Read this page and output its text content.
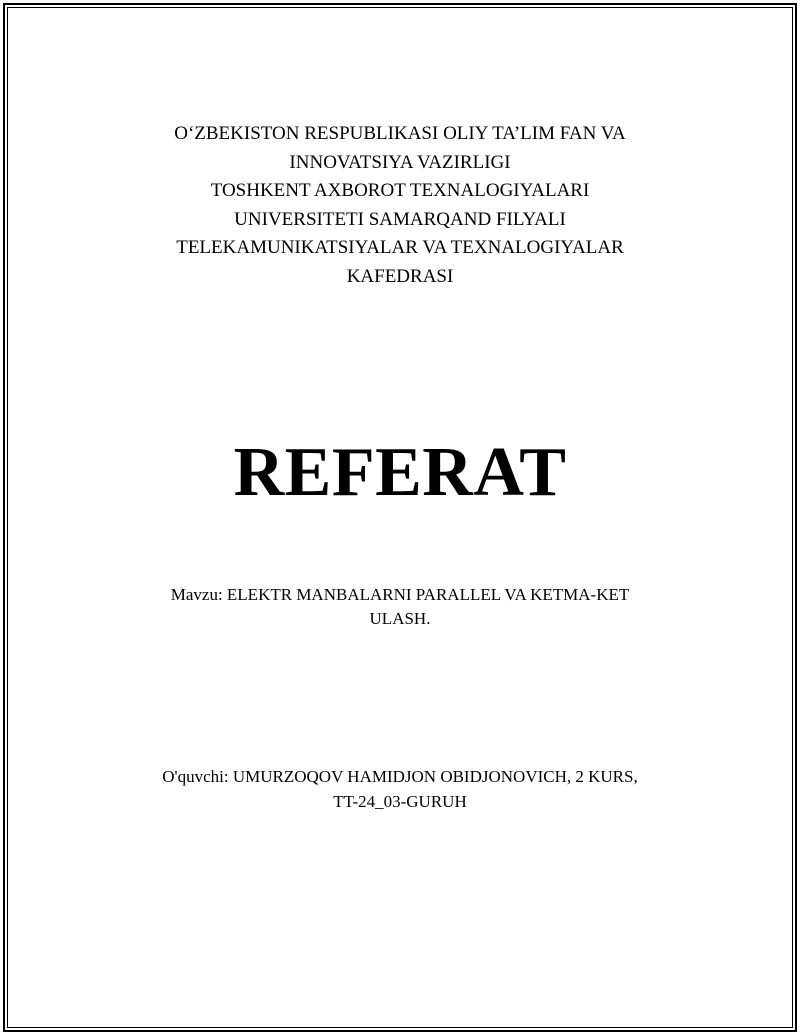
O‘ZBEKISTON RESPUBLIKASI OLIY TA’LIM FAN VA
INNOVATSIYA VAZIRLIGI
TOSHKENT AXBOROT TEXNALOGIYALARI
UNIVERSITETI SAMARQAND FILYALI
TELEKAMUNIKATSIYALAR VA TEXNALOGIYALAR
KAFEDRASI
REFERAT
Mavzu: ELEKTR MANBALARNI PARALLEL VA KETMA-KET
ULASH.
O'quvchi: UMURZOQOV HAMIDJON OBIDJONOVICH, 2 KURS,
TT-24_03-GURUH
